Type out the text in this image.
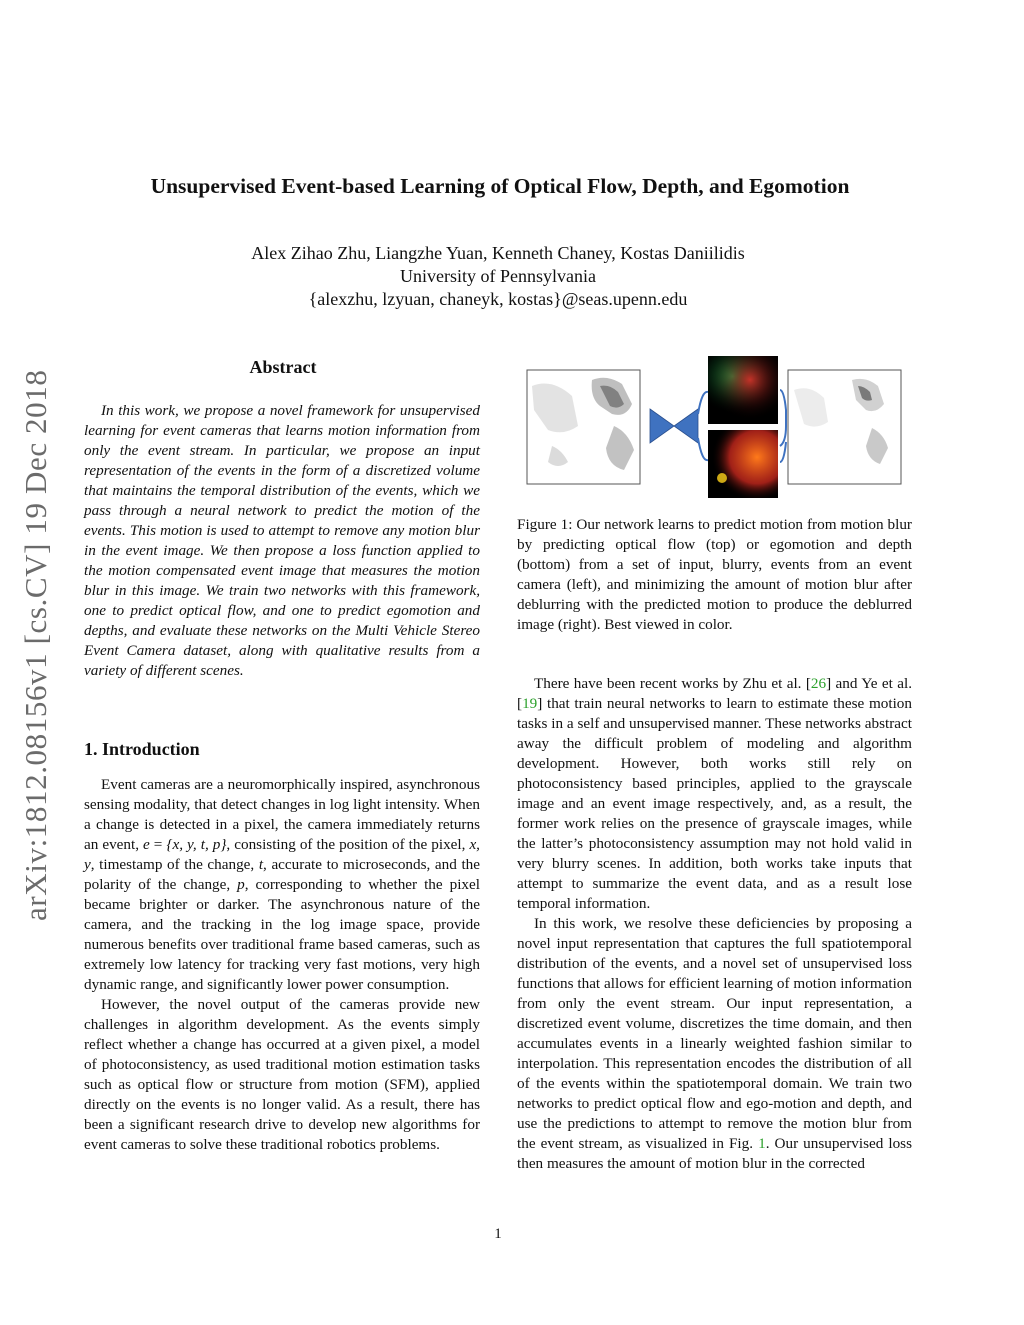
arXiv:1812.08156v1 [cs.CV] 19 Dec 2018
Unsupervised Event-based Learning of Optical Flow, Depth, and Egomotion
Alex Zihao Zhu, Liangzhe Yuan, Kenneth Chaney, Kostas Daniilidis
University of Pennsylvania
{alexzhu, lzyuan, chaneyk, kostas}@seas.upenn.edu
Abstract

In this work, we propose a novel framework for unsupervised learning for event cameras that learns motion information from only the event stream. In particular, we propose an input representation of the events in the form of a discretized volume that maintains the temporal distribution of the events, which we pass through a neural network to predict the motion of the events. This motion is used to attempt to remove any motion blur in the event image. We then propose a loss function applied to the motion compensated event image that measures the motion blur in this image. We train two networks with this framework, one to predict optical flow, and one to predict egomotion and depths, and evaluate these networks on the Multi Vehicle Stereo Event Camera dataset, along with qualitative results from a variety of different scenes.

1. Introduction

Event cameras are a neuromorphically inspired, asynchronous sensing modality, that detect changes in log light intensity. When a change is detected in a pixel, the camera immediately returns an event, e = {x, y, t, p}, consisting of the position of the pixel, x, y, timestamp of the change, t, accurate to microseconds, and the polarity of the change, p, corresponding to whether the pixel became brighter or darker. The asynchronous nature of the camera, and the tracking in the log image space, provide numerous benefits over traditional frame based cameras, such as extremely low latency for tracking very fast motions, very high dynamic range, and significantly lower power consumption.

However, the novel output of the cameras provide new challenges in algorithm development. As the events simply reflect whether a change has occurred at a given pixel, a model of photoconsistency, as used traditional motion estimation tasks such as optical flow or structure from motion (SFM), applied directly on the events is no longer valid. As a result, there has been a significant research drive to develop new algorithms for event cameras to solve these traditional robotics problems.

Figure 1: Our network learns to predict motion from motion blur by predicting optical flow (top) or egomotion and depth (bottom) from a set of input, blurry, events from an event camera (left), and minimizing the amount of motion blur after deblurring with the predicted motion to produce the deblurred image (right). Best viewed in color.

There have been recent works by Zhu et al. [26] and Ye et al. [19] that train neural networks to learn to estimate these motion tasks in a self and unsupervised manner. These networks abstract away the difficult problem of modeling and algorithm development. However, both works still rely on photoconsistency based principles, applied to the grayscale image and an event image respectively, and, as a result, the former work relies on the presence of grayscale images, while the latter’s photoconsistency assumption may not hold valid in very blurry scenes. In addition, both works take inputs that attempt to summarize the event data, and as a result lose temporal information.

In this work, we resolve these deficiencies by proposing a novel input representation that captures the full spatiotemporal distribution of the events, and a novel set of unsupervised loss functions that allows for efficient learning of motion information from only the event stream. Our input representation, a discretized event volume, discretizes the time domain, and then accumulates events in a linearly weighted fashion similar to interpolation. This representation encodes the distribution of all of the events within the spatiotemporal domain. We train two networks to predict optical flow and ego-motion and depth, and use the predictions to attempt to remove the motion blur from the event stream, as visualized in Fig. 1. Our unsupervised loss then measures the amount of motion blur in the corrected

1
